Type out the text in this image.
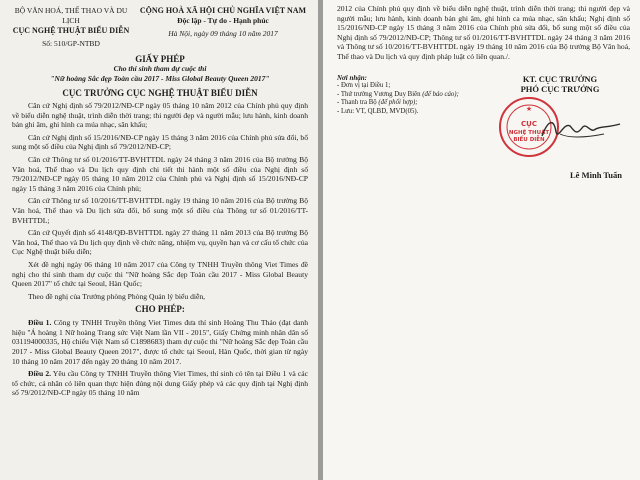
BỘ VĂN HOÁ, THỂ THAO VÀ DU LỊCH
CỤC NGHỆ THUẬT BIỂU DIỄN
Số: 510/GP-NTBD
CỘNG HOÀ XÃ HỘI CHỦ NGHĨA VIỆT NAM
Độc lập - Tự do - Hạnh phúc
Hà Nội, ngày 09 tháng 10 năm 2017
GIẤY PHÉP
Cho thí sinh tham dự cuộc thi
"Nữ hoàng Sắc đẹp Toàn cầu 2017 - Miss Global Beauty Queen 2017"
CỤC TRƯỞNG CỤC NGHỆ THUẬT BIỂU DIỄN

Căn cứ Nghị định số 79/2012/NĐ-CP ngày 05 tháng 10 năm 2012 của Chính phủ quy định về biểu diễn nghệ thuật, trình diễn thời trang; thi người đẹp và người mẫu; lưu hành, kinh doanh bản ghi âm, ghi hình ca múa nhạc, sân khấu;

Căn cứ Nghị định số 15/2016/NĐ-CP ngày 15 tháng 3 năm 2016 của Chính phủ sửa đổi, bổ sung một số điều của Nghị định số 79/2012/NĐ-CP;

Căn cứ Thông tư số 01/2016/TT-BVHTTDL ngày 24 tháng 3 năm 2016 của Bộ trưởng Bộ Văn hoá, Thể thao và Du lịch quy định chi tiết thi hành một số điều của Nghị định số 79/2012/NĐ-CP ngày 05 tháng 10 năm 2012 của Chính phủ và Nghị định số 15/2016/NĐ-CP ngày 15 tháng 3 năm 2016 của Chính phủ;

Căn cứ Thông tư số 10/2016/TT-BVHTTDL ngày 19 tháng 10 năm 2016 của Bộ trưởng Bộ Văn hoá, Thể thao và Du lịch sửa đổi, bổ sung một số điều của Thông tư số 01/2016/TT-BVHTTDL;

Căn cứ Quyết định số 4148/QĐ-BVHTTDL ngày 27 tháng 11 năm 2013 của Bộ trưởng Bộ Văn hoá, Thể thao và Du lịch quy định về chức năng, nhiệm vụ, quyền hạn và cơ cấu tổ chức của Cục Nghệ thuật biểu diễn;

Xét đề nghị ngày 06 tháng 10 năm 2017 của Công ty TNHH Truyền thông Viet Times đề nghị cho thí sinh tham dự cuộc thi "Nữ hoàng Sắc đẹp Toàn cầu 2017 - Miss Global Beauty Queen 2017" tổ chức tại Seoul, Hàn Quốc;

Theo đề nghị của Trưởng phòng Phòng Quản lý biểu diễn,

CHO PHÉP:

Điều 1. Công ty TNHH Truyền thông Viet Times đưa thí sinh Hoàng Thu Thảo (đạt danh hiệu "Á hoàng 1 Nữ hoàng Trang sức Việt Nam lần VII - 2015", Giấy Chứng minh nhân dân số 031194000335, Hộ chiếu Việt Nam số C1898683) tham dự cuộc thi "Nữ hoàng Sắc đẹp Toàn cầu 2017 - Miss Global Beauty Queen 2017", được tổ chức tại Seoul, Hàn Quốc, thời gian từ ngày 10 tháng 10 năm 2017 đến ngày 20 tháng 10 năm 2017.

Điều 2. Yêu cầu Công ty TNHH Truyền thông Viet Times, thí sinh có tên tại Điều 1 và các tổ chức, cá nhân có liên quan thực hiện đúng nội dung Giấy phép và các quy định tại Nghị định số 79/2012/NĐ-CP ngày 05 tháng 10 năm

2012 của Chính phủ quy định về biểu diễn nghệ thuật, trình diễn thời trang; thi người đẹp và người mẫu; lưu hành, kinh doanh bản ghi âm, ghi hình ca múa nhạc, sân khấu; Nghị định số 15/2016/NĐ-CP ngày 15 tháng 3 năm 2016 của Chính phủ sửa đổi, bổ sung một số điều của Nghị định số 79/2012/NĐ-CP; Thông tư số 01/2016/TT-BVHTTDL ngày 24 tháng 3 năm 2016 và Thông tư số 10/2016/TT-BVHTTDL ngày 19 tháng 10 năm 2016 của Bộ trưởng Bộ Văn hoá, Thể thao và Du lịch và quy định pháp luật có liên quan./.

Nơi nhận:
- Đơn vị tại Điều 1;
- Thứ trưởng Vương Duy Biên (để báo cáo);
- Thanh tra Bộ (để phối hợp);
- Lưu: VT, QLBD, MVD(05).
KT. CỤC TRƯỞNG
PHÓ CỤC TRƯỞNG
★
CỤC
NGHỆ THUẬT
BIỂU DIỄN
Lê Minh Tuấn
